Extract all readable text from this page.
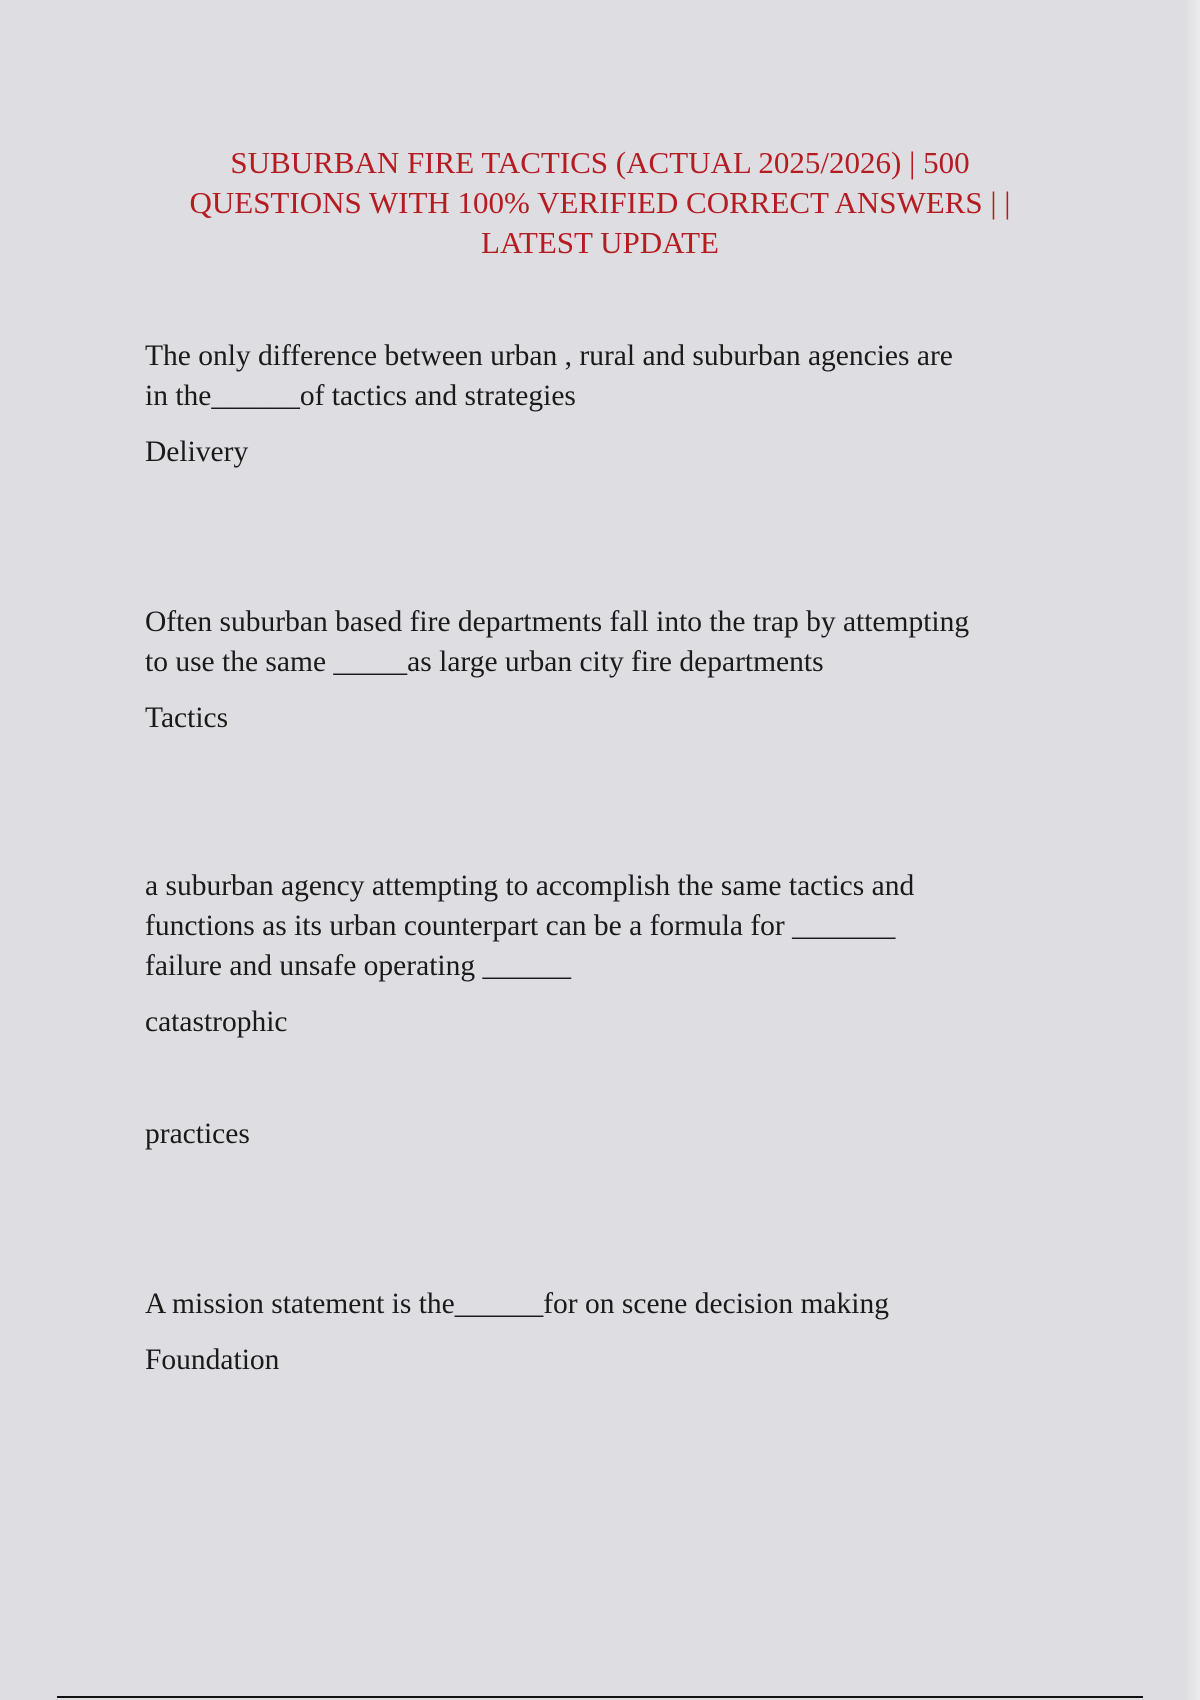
SUBURBAN FIRE TACTICS (ACTUAL 2025/2026) | 500
QUESTIONS WITH 100% VERIFIED CORRECT ANSWERS | |
LATEST UPDATE
The only difference between urban , rural and suburban agencies are
in the______of tactics and strategies
Delivery
Often suburban based fire departments fall into the trap by attempting
to use the same _____as large urban city fire departments
Tactics
a suburban agency attempting to accomplish the same tactics and
functions as its urban counterpart can be a formula for _______
failure and unsafe operating ______
catastrophic
practices
A mission statement is the______for on scene decision making
Foundation
